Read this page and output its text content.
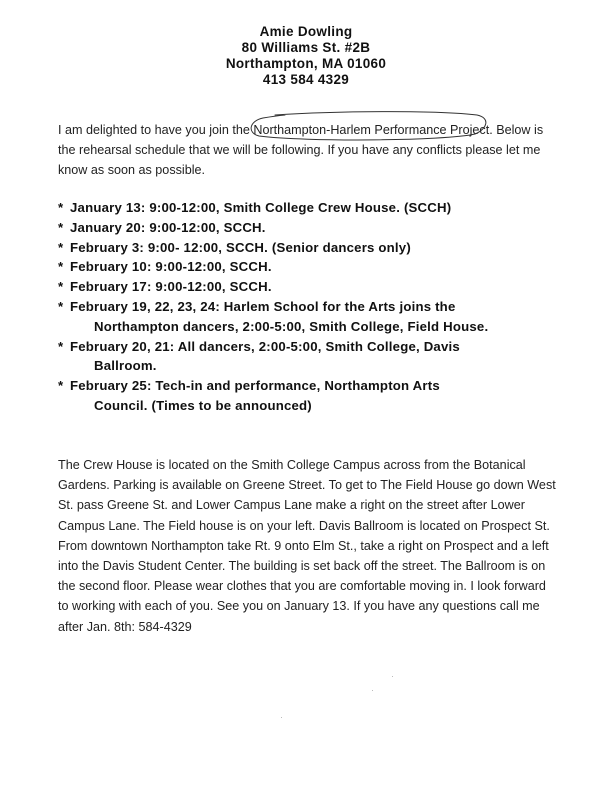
Amie Dowling
80 Williams St. #2B
Northampton, MA 01060
413 584 4329

I am delighted to have you join the Northampton-Harlem Performance
Project. Below is the rehearsal schedule that we will be following. If you have any conflicts please let me know as soon as possible.

* January 13: 9:00-12:00, Smith College Crew House. (SCCH)
* January 20: 9:00-12:00, SCCH.
* February 3: 9:00- 12:00, SCCH. (Senior dancers only)
* February 10: 9:00-12:00, SCCH.
* February 17: 9:00-12:00, SCCH.
* February 19, 22, 23, 24: Harlem School for the Arts joins the
Northampton dancers, 2:00-5:00, Smith College, Field House.
* February 20, 21: All dancers, 2:00-5:00, Smith College, Davis
Ballroom.
* February 25: Tech-in and performance, Northampton Arts
Council. (Times to be announced)

The Crew House is located on the Smith College Campus across from the Botanical Gardens. Parking is available on Greene Street. To get to The Field House go down West St. pass Greene St. and Lower Campus Lane make a right on the street after Lower Campus Lane. The Field house is on your left. Davis Ballroom is located on Prospect St. From downtown Northampton take Rt. 9 onto Elm St., take a right on Prospect and a left into the Davis Student Center. The building is set back off the street. The Ballroom is on the second floor. Please wear clothes that you are comfortable moving in. I look forward to working with each of you. See you on January 13. If you have any questions call me after Jan. 8th: 584-4329
